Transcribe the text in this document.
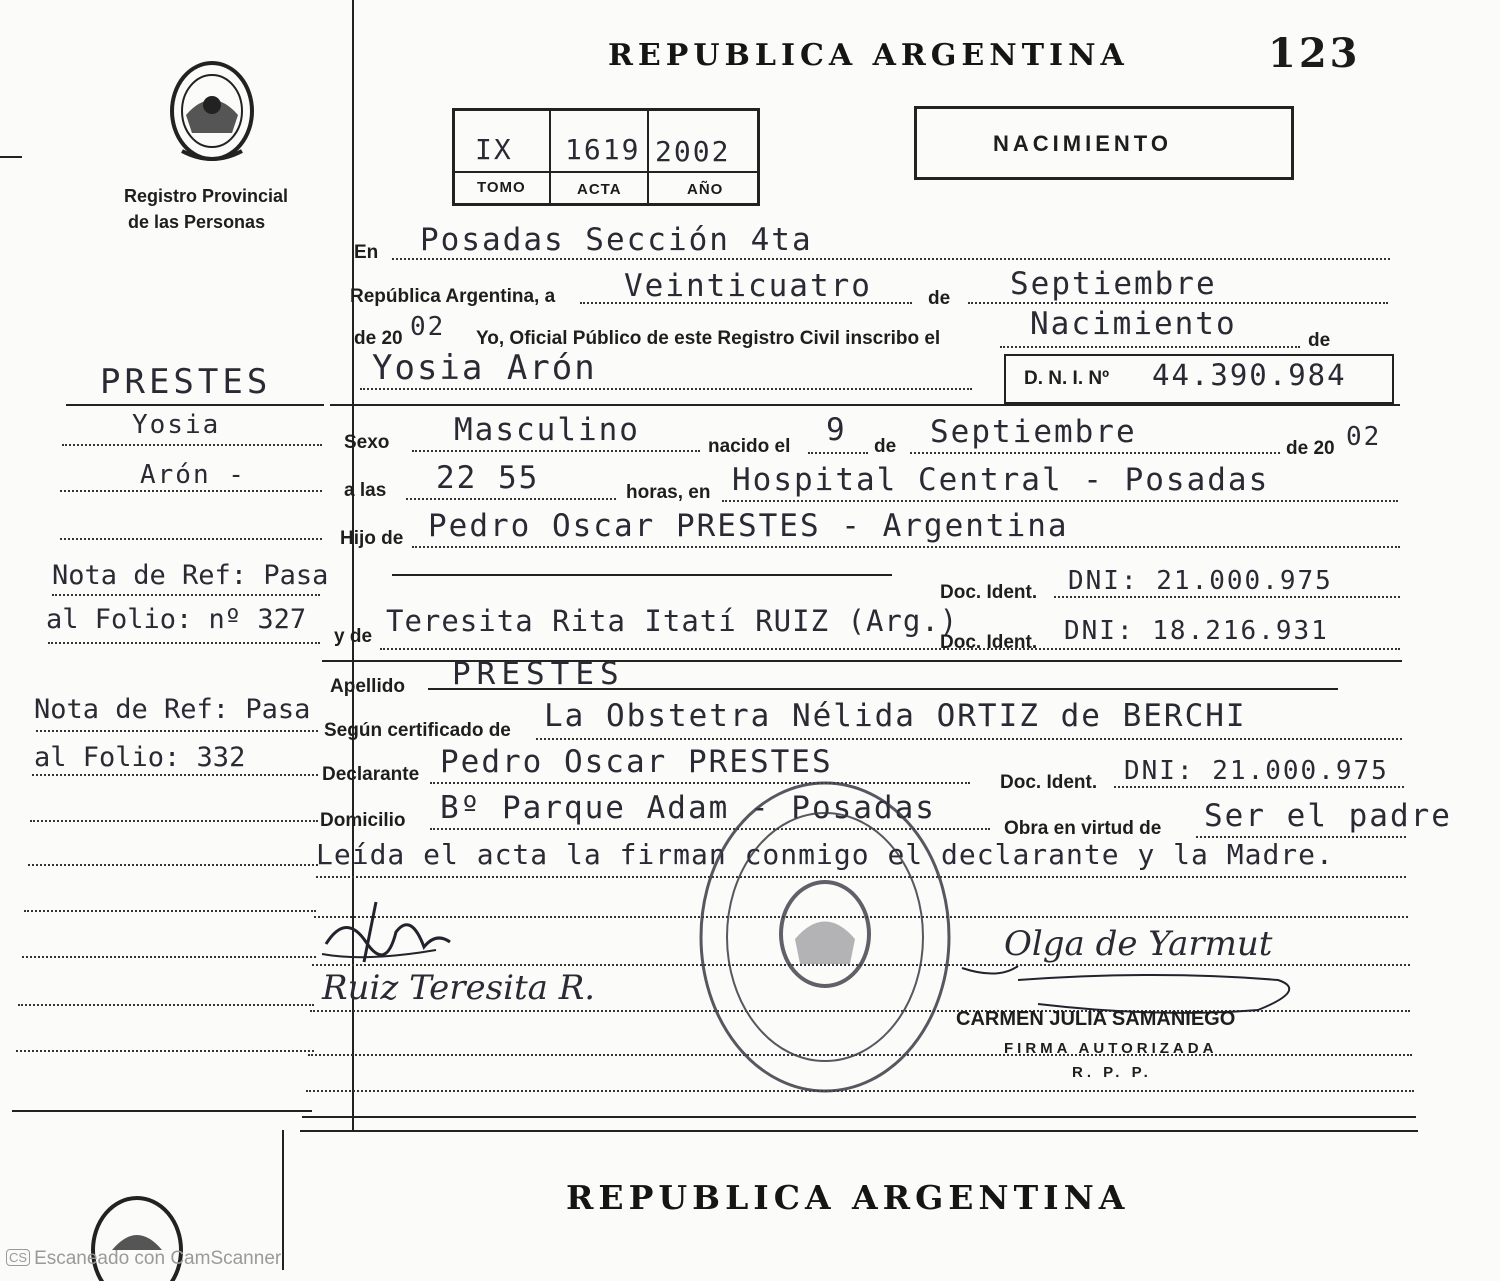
Registro Provincial
de las Personas
PRESTES
Yosia
Arón -
Nota de Ref: Pasa
al Folio: nº 327
Nota de Ref: Pasa
al Folio: 332
REPUBLICA ARGENTINA	123
IX 1619 2002
TOMO	ACTA	AÑO
NACIMIENTO
En Posadas Sección 4ta
República Argentina, a Veinticuatro	de Septiembre
de 20 02 Yo, Oficial Público de este Registro Civil inscribo el	Nacimiento	de
Yosia Arón	D. N. I. Nº 44.390.984
Sexo Masculino	nacido el 9 de Septiembre	de 20 02
a las 22 55	horas, en Hospital Central - Posadas
Hijo de Pedro Oscar PRESTES - Argentina
Doc. Ident. DNI: 21.000.975
y de Teresita Rita Itatí RUIZ (Arg.)
Doc. Ident. DNI: 18.216.931
Apellido PRESTES
Según certificado de La Obstetra Nélida ORTIZ de BERCHI
Declarante Pedro Oscar PRESTES
Doc. Ident. DNI: 21.000.975
Domicilio Bº Parque Adam - Posadas
Obra en virtud de Ser el padre
Leída el acta la firman conmigo el declarante y la Madre.
Ruiz Teresita R.
Olga de Yarmut
CARMEN JULIA SAMANIEGO
FIRMA AUTORIZADA
R. P. P.
REPUBLICA ARGENTINA
CS Escaneado con CamScanner
